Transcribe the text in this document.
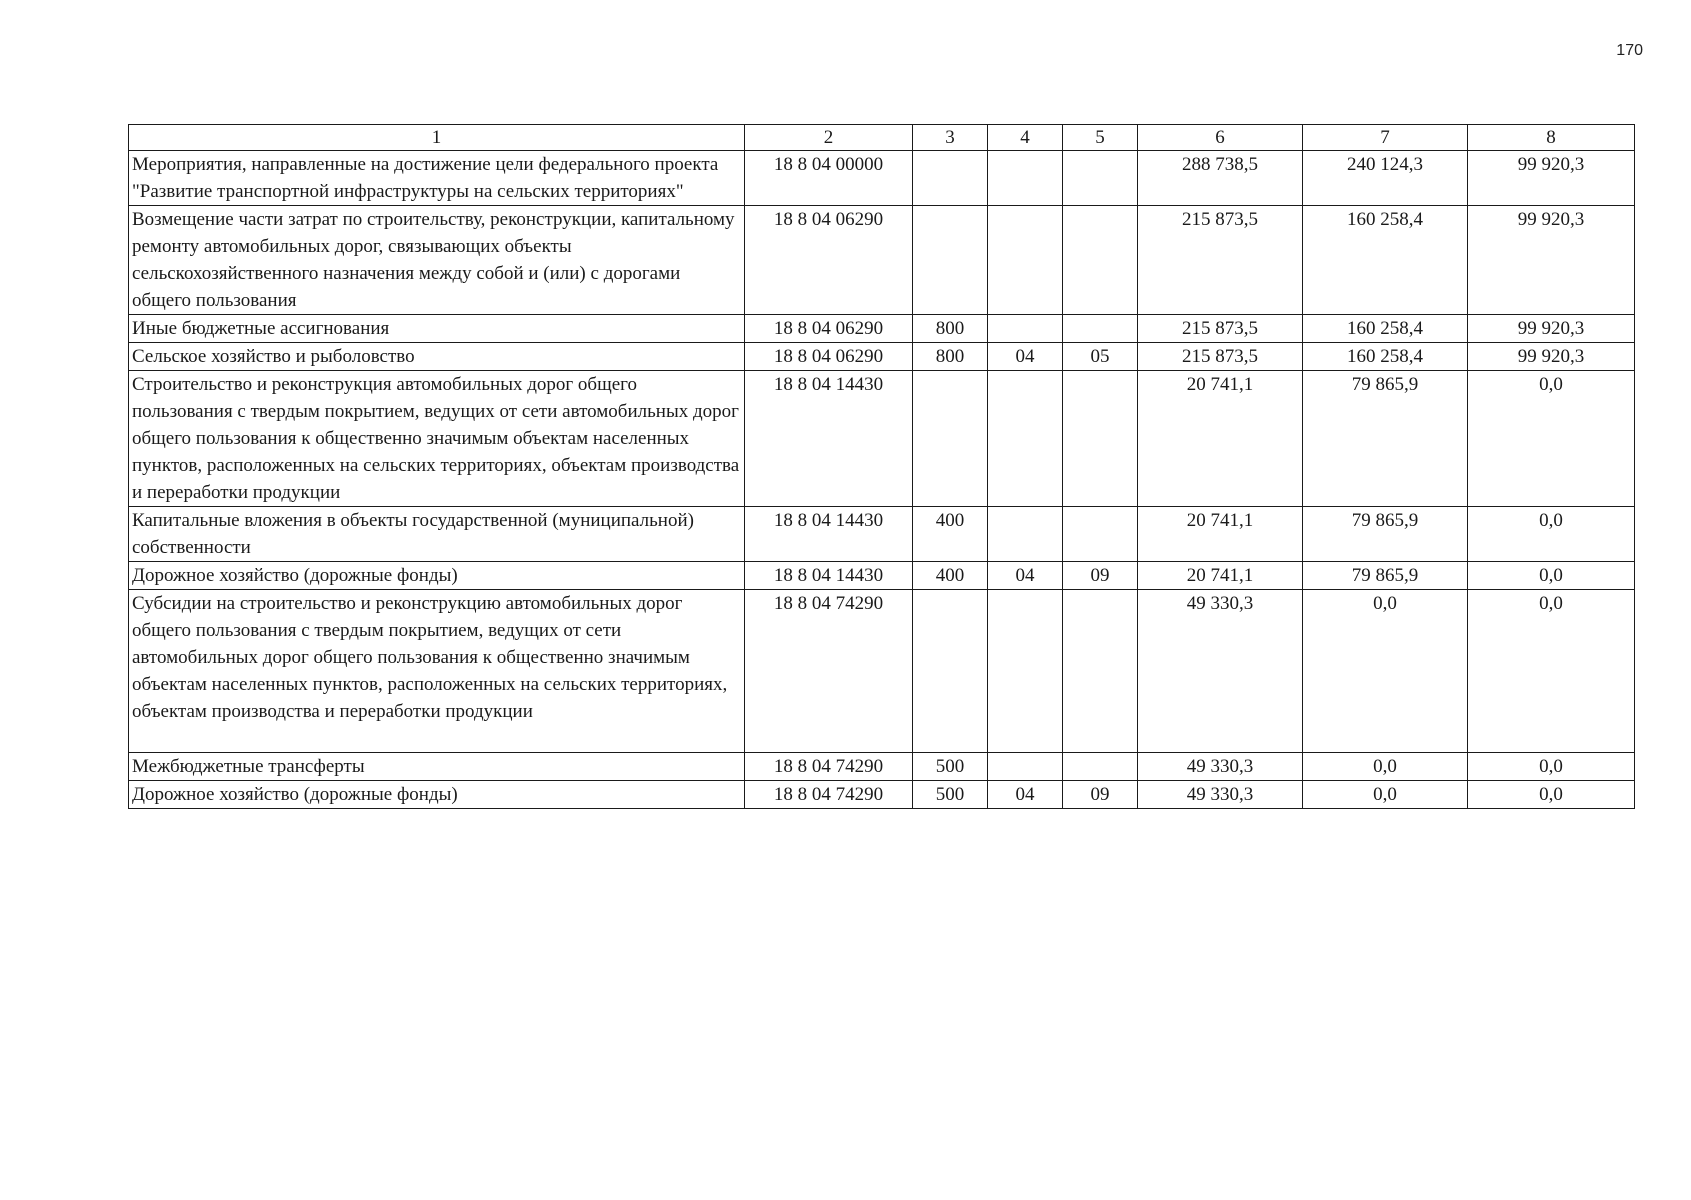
170
1	2	3	4	5	6	7	8
Мероприятия, направленные на достижение цели федерального проекта "Развитие транспортной инфраструктуры на сельских территориях"	18 8 04 00000				288 738,5	240 124,3	99 920,3
Возмещение части затрат по строительству, реконструкции, капитальному ремонту автомобильных дорог, связывающих объекты сельскохозяйственного назначения между собой и (или) с дорогами общего пользования	18 8 04 06290				215 873,5	160 258,4	99 920,3
Иные бюджетные ассигнования	18 8 04 06290	800			215 873,5	160 258,4	99 920,3
Сельское хозяйство и рыболовство	18 8 04 06290	800	04	05	215 873,5	160 258,4	99 920,3
Строительство и реконструкция автомобильных дорог общего пользования с твердым покрытием, ведущих от сети автомобильных дорог общего пользования к общественно значимым объектам населенных пунктов, расположенных на сельских территориях, объектам производства и переработки продукции	18 8 04 14430				20 741,1	79 865,9	0,0
Капитальные вложения в объекты государственной (муниципальной) собственности	18 8 04 14430	400			20 741,1	79 865,9	0,0
Дорожное хозяйство (дорожные фонды)	18 8 04 14430	400	04	09	20 741,1	79 865,9	0,0
Субсидии на строительство и реконструкцию автомобильных дорог общего пользования с твердым покрытием, ведущих от сети автомобильных дорог общего пользования к общественно значимым объектам населенных пунктов, расположенных на сельских территориях, объектам производства и переработки продукции	18 8 04 74290				49 330,3	0,0	0,0
Межбюджетные трансферты	18 8 04 74290	500			49 330,3	0,0	0,0
Дорожное хозяйство (дорожные фонды)	18 8 04 74290	500	04	09	49 330,3	0,0	0,0
